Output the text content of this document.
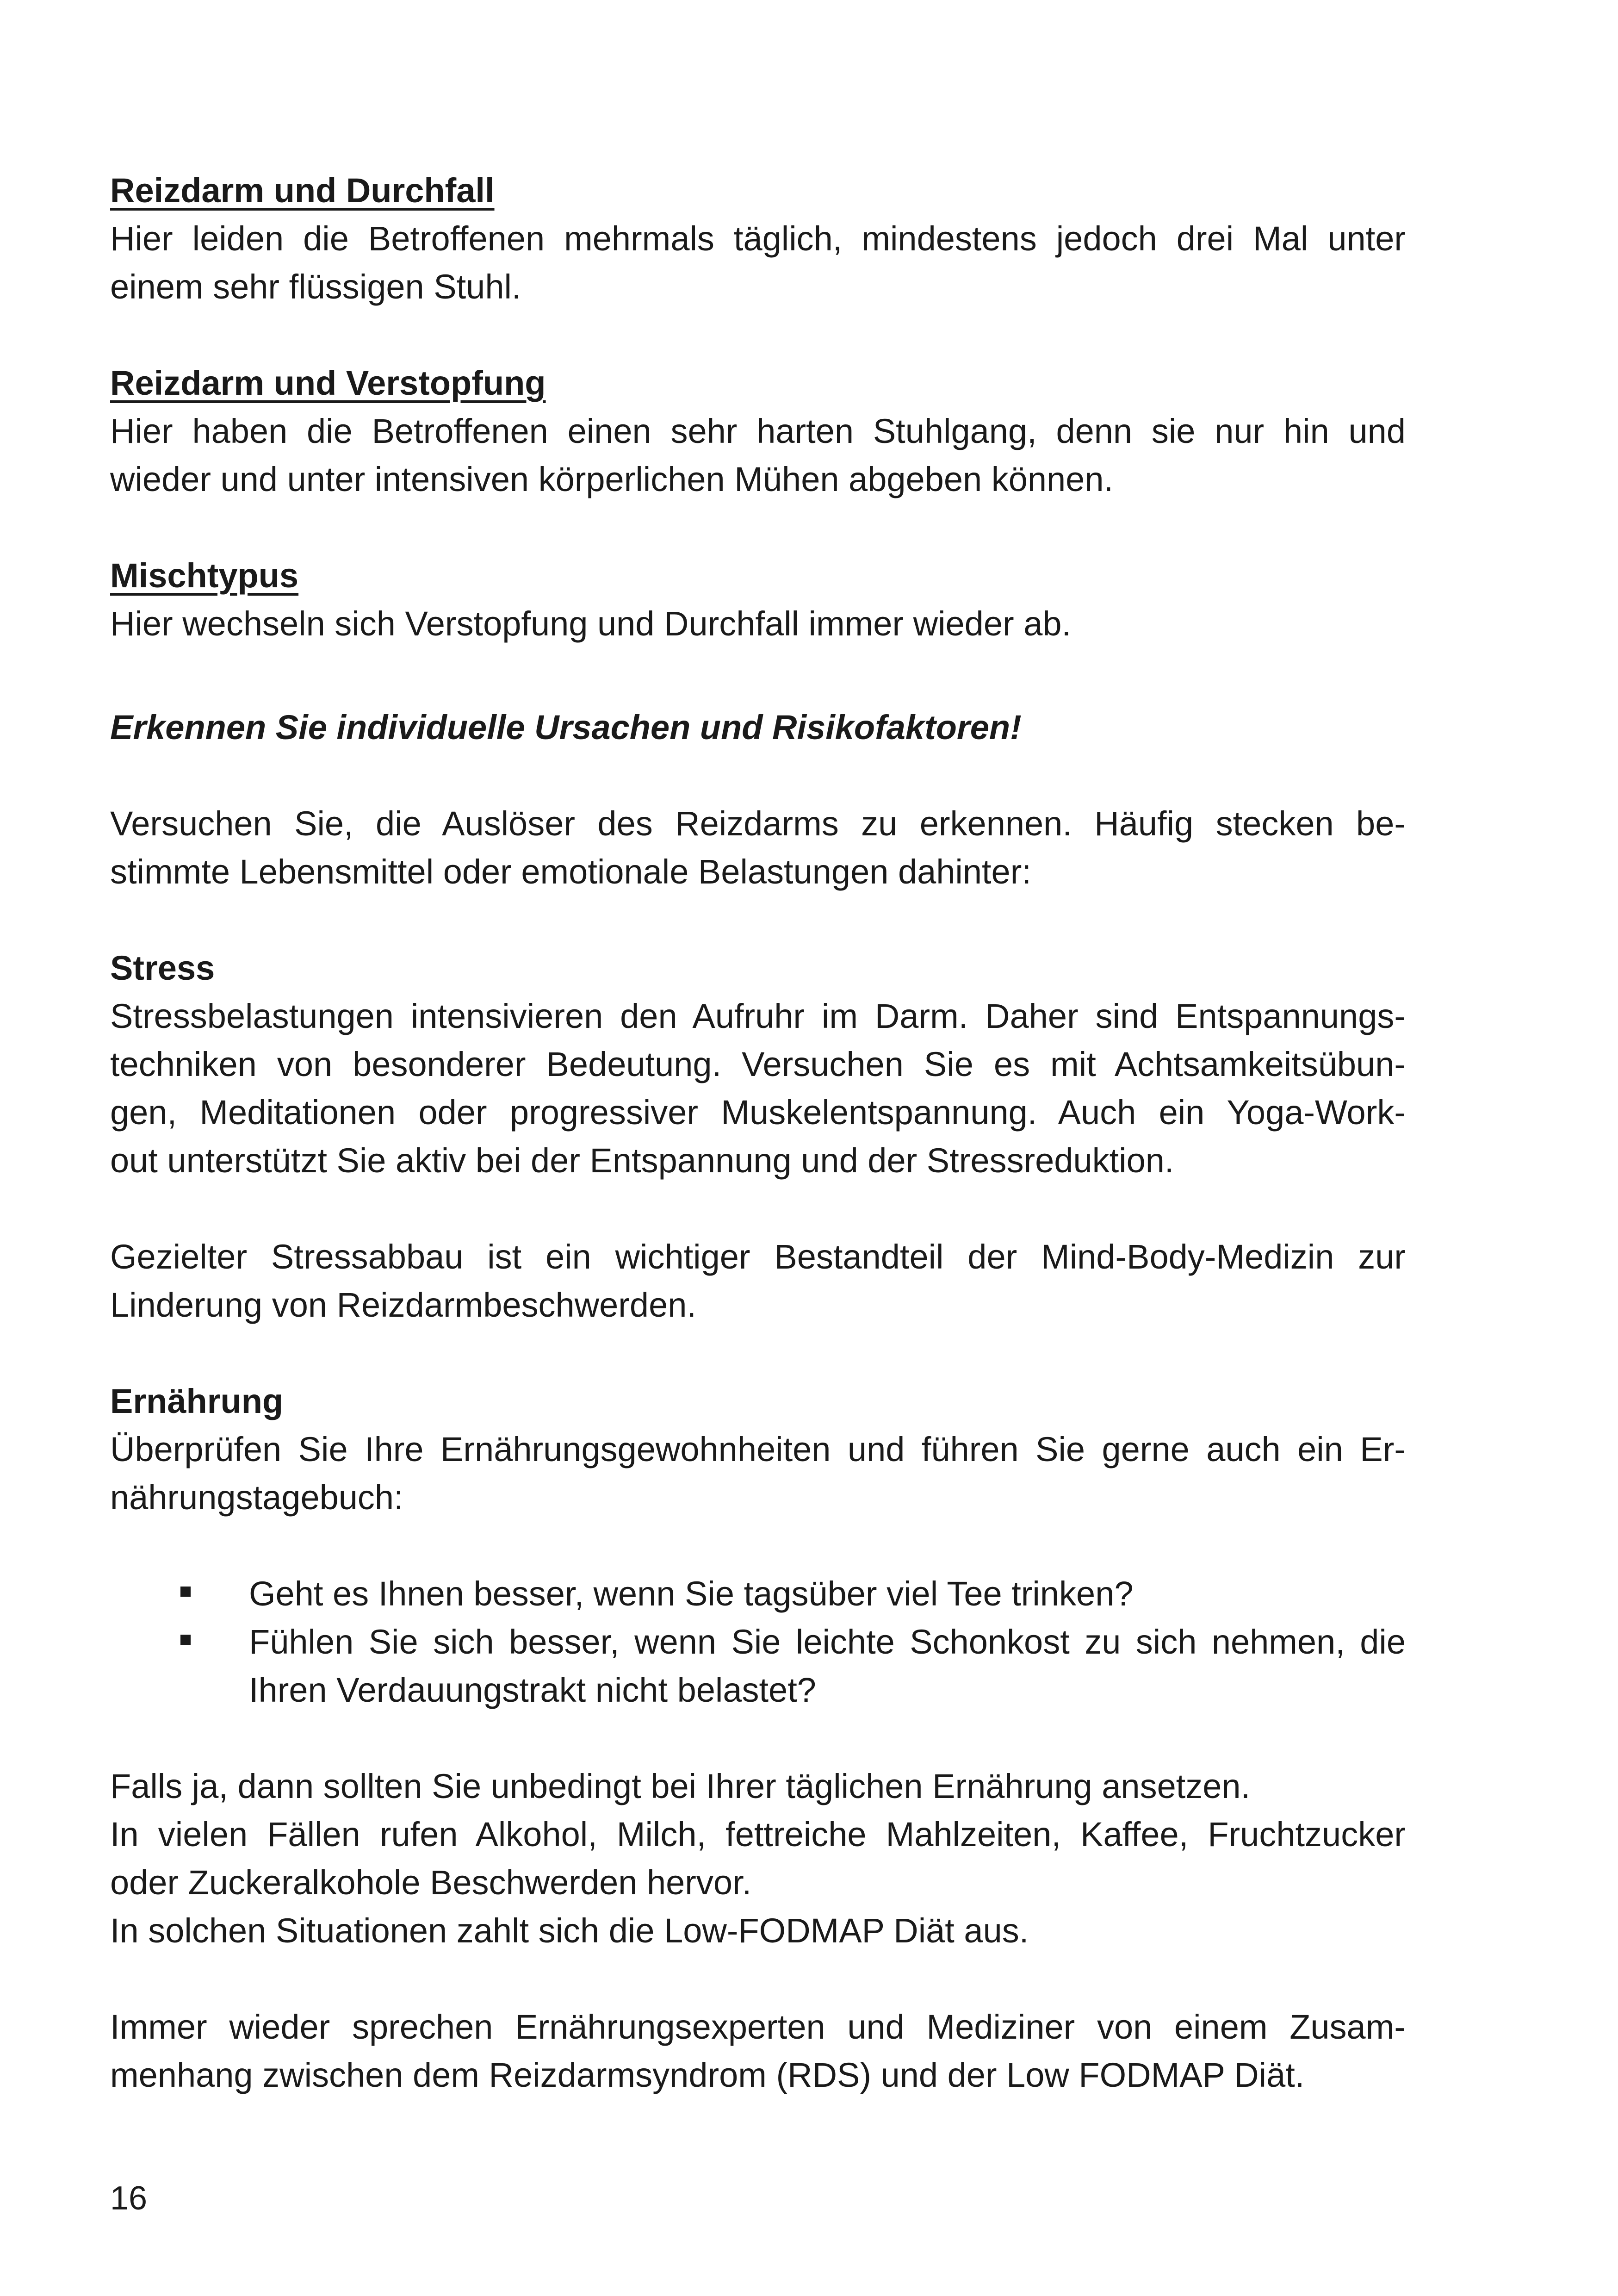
Reizdarm und Durchfall

Hier leiden die Betroffenen mehrmals täglich, mindestens jedoch drei Mal unter

einem sehr flüssigen Stuhl.

Reizdarm und Verstopfung

Hier haben die Betroffenen einen sehr harten Stuhlgang, denn sie nur hin und

wieder und unter intensiven körperlichen Mühen abgeben können.

Mischtypus

Hier wechseln sich Verstopfung und Durchfall immer wieder ab.

Erkennen Sie individuelle Ursachen und Risikofaktoren!

Versuchen Sie, die Auslöser des Reizdarms zu erkennen. Häufig stecken be-

stimmte Lebensmittel oder emotionale Belastungen dahinter:

Stress

Stressbelastungen intensivieren den Aufruhr im Darm. Daher sind Entspannungs-

techniken von besonderer Bedeutung. Versuchen Sie es mit Achtsamkeitsübun-

gen, Meditationen oder progressiver Muskelentspannung. Auch ein Yoga-Work-

out unterstützt Sie aktiv bei der Entspannung und der Stressreduktion.

Gezielter Stressabbau ist ein wichtiger Bestandteil der Mind-Body-Medizin zur

Linderung von Reizdarmbeschwerden.

Ernährung

Überprüfen Sie Ihre Ernährungsgewohnheiten und führen Sie gerne auch ein Er-

nährungstagebuch:

Geht es Ihnen besser, wenn Sie tagsüber viel Tee trinken?
Fühlen Sie sich besser, wenn Sie leichte Schonkost zu sich nehmen, die
Ihren Verdauungstrakt nicht belastet?

Falls ja, dann sollten Sie unbedingt bei Ihrer täglichen Ernährung ansetzen.

In vielen Fällen rufen Alkohol, Milch, fettreiche Mahlzeiten, Kaffee, Fruchtzucker

oder Zuckeralkohole Beschwerden hervor.

In solchen Situationen zahlt sich die Low-FODMAP Diät aus.

Immer wieder sprechen Ernährungsexperten und Mediziner von einem Zusam-

menhang zwischen dem Reizdarmsyndrom (RDS) und der Low FODMAP Diät.

16
